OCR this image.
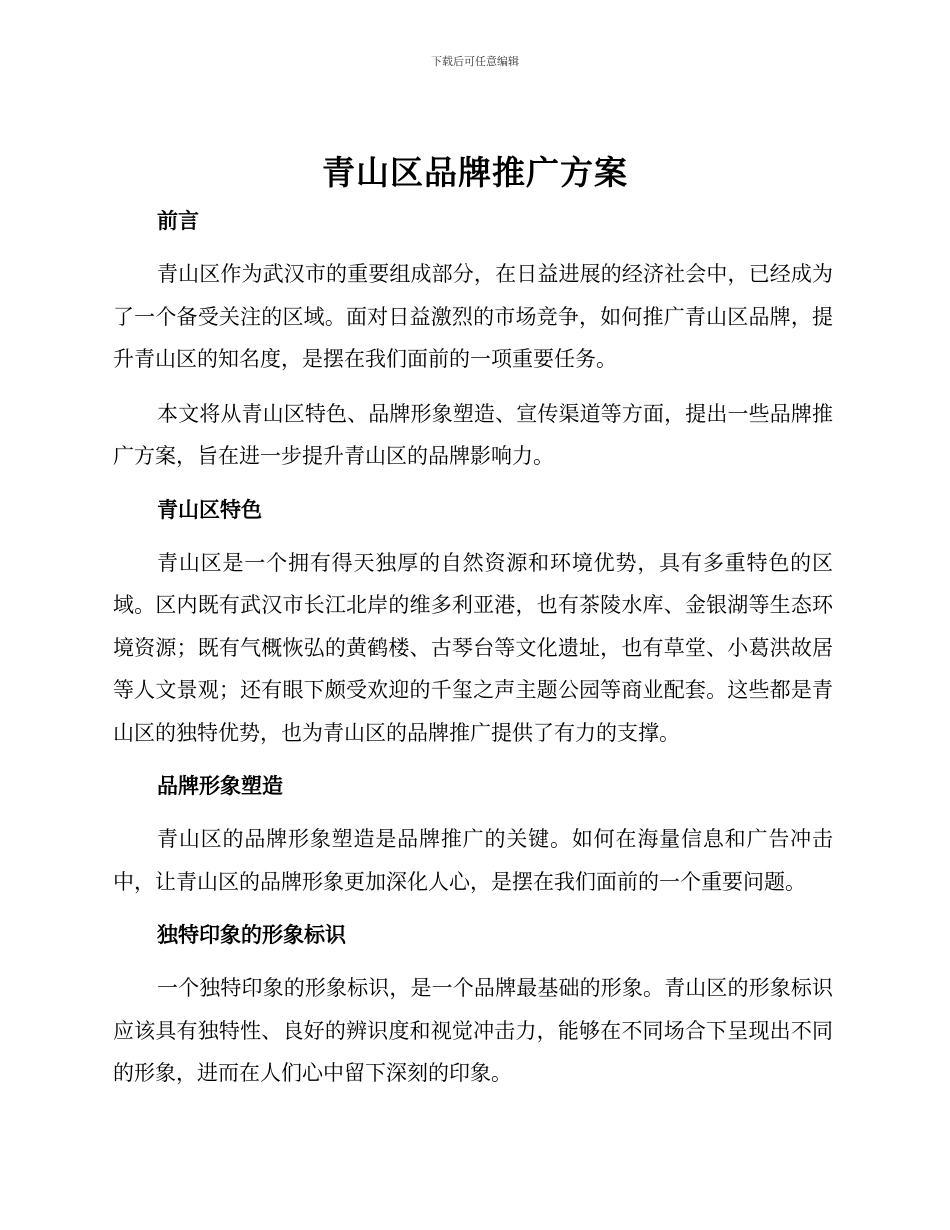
下载后可任意编辑
青山区品牌推广方案
前言

青山区作为武汉市的重要组成部分，在日益进展的经济社会中，已经成为了一个备受关注的区域。面对日益激烈的市场竞争，如何推广青山区品牌，提升青山区的知名度，是摆在我们面前的一项重要任务。

本文将从青山区特色、品牌形象塑造、宣传渠道等方面，提出一些品牌推广方案，旨在进一步提升青山区的品牌影响力。

青山区特色

青山区是一个拥有得天独厚的自然资源和环境优势，具有多重特色的区域。区内既有武汉市长江北岸的维多利亚港，也有茶陵水库、金银湖等生态环境资源；既有气概恢弘的黄鹤楼、古琴台等文化遗址，也有草堂、小葛洪故居等人文景观；还有眼下颇受欢迎的千玺之声主题公园等商业配套。这些都是青山区的独特优势，也为青山区的品牌推广提供了有力的支撑。

品牌形象塑造

青山区的品牌形象塑造是品牌推广的关键。如何在海量信息和广告冲击中，让青山区的品牌形象更加深化人心，是摆在我们面前的一个重要问题。

独特印象的形象标识

一个独特印象的形象标识，是一个品牌最基础的形象。青山区的形象标识应该具有独特性、良好的辨识度和视觉冲击力，能够在不同场合下呈现出不同的形象，进而在人们心中留下深刻的印象。
